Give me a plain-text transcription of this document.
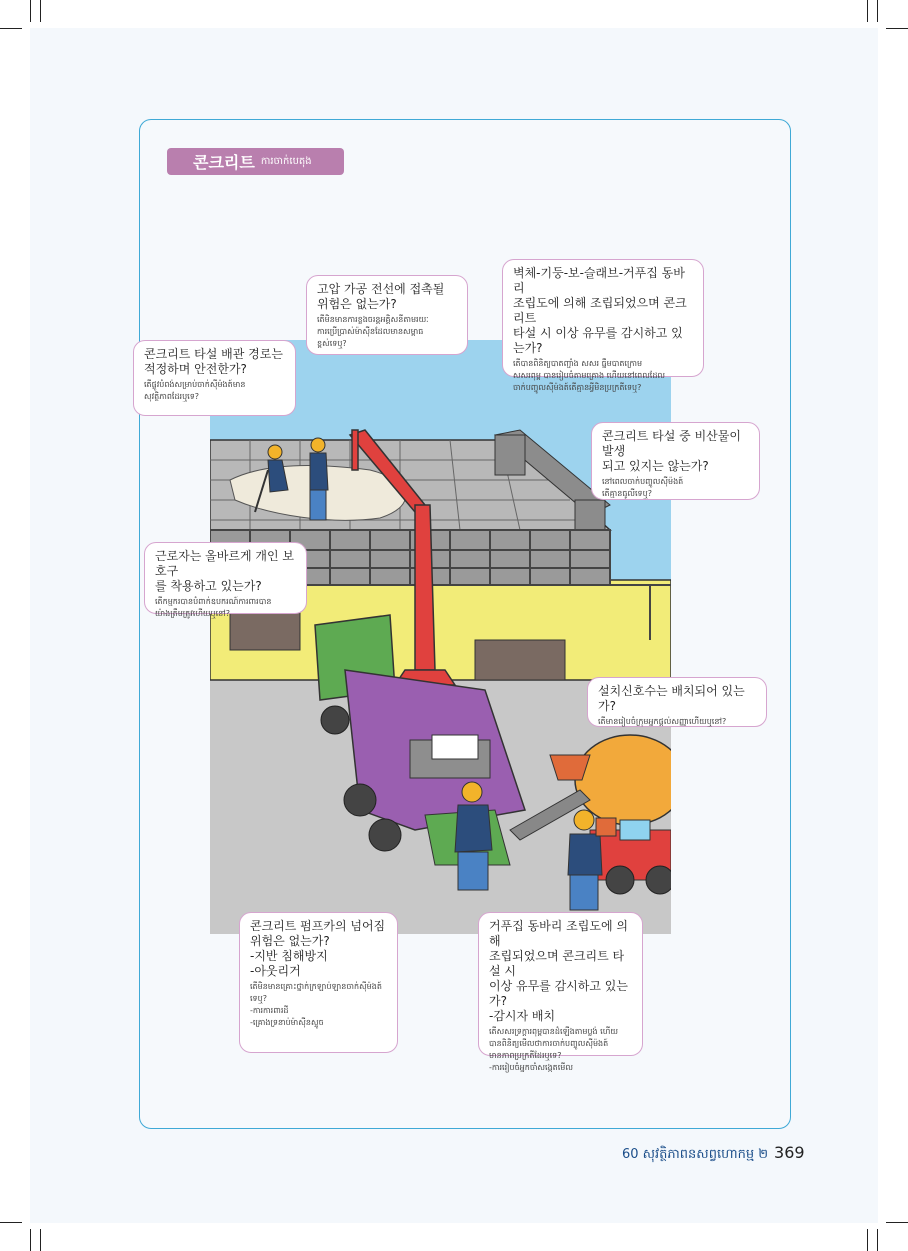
콘크리트 ការចាក់បេតុង
고압 가공 전선에 접촉될
위험은 없는가?
តើមិនមានការខ្លងចរន្តអគ្គិសនីតាមរយៈ
ការប្រើប្រាស់ម៉ាស៊ីនដែលមានសម្ពាធ
ខ្ពស់ទេឬ?
벽체-기둥-보-슬래브-거푸집 동바리
조립도에 의해 조립되었으며 콘크리트
타설 시 이상 유무를 감시하고 있는가?
តើបានពិនិត្យបាតញ្ជាំង សសរ ធ្នឹមបាតក្រោម
សសរពុម្ព បានរៀបចំតាមគ្រោង ហើយនៅពេលដែល
ចាក់បញ្ចូលស៊ីម៉ងត៍តើគ្មានអ្វីមិនប្រក្រតីទេឬ?
콘크리트 타설 배관 경로는
적정하며 안전한가?
តើផ្លូវបំពង់សម្រាប់ចាក់ស៊ីម៉ងត៍មាន
សុវត្ថិភាពដែរឬទេ?
콘크리트 타설 중 비산물이 발생
되고 있지는 않는가?
នៅពេលចាក់បញ្ចូលស៊ីម៉ងត៍
តើគ្មានធូលីទេឬ?
근로자는 올바르게 개인 보호구
를 착용하고 있는가?
តើកម្មករបានបំពាក់ឧបករណ៍ការពារបាន
យ៉ាងត្រឹមត្រូវហើយឬនៅ?
설치신호수는 배치되어 있는가?
តើមានរៀបចំក្រុមអ្នកផ្តល់សញ្ញាហើយឬនៅ?
콘크리트 펌프카의 넘어짐
위험은 없는가?
-지반 침해방지
-아웃리거
តើមិនមានគ្រោះថ្នាក់ក្រឡាប់ឡានចាក់ស៊ីម៉ងត៍ទេឬ?
-ការការពារដី
-គ្រោងទ្រនាប់ម៉ាស៊ីនស្ទូច
거푸집 동바리 조립도에 의해
조립되었으며 콘크리트 타설 시
이상 유무를 감시하고 있는가?
-감시자 배치
តើសសរទ្រក្តារពុម្ពបានដំឡើងតាមប្លង់ ហើយ
បានពិនិត្យមើលថាការចាក់បញ្ចូលស៊ីម៉ងត៍
មានភាពប្រក្រតីដែរឬទេ?
-ការរៀបចំអ្នកចាំសង្កេតមើល
60 សុវត្ថិភាពនសព្វហោកម្ម ២ 369
